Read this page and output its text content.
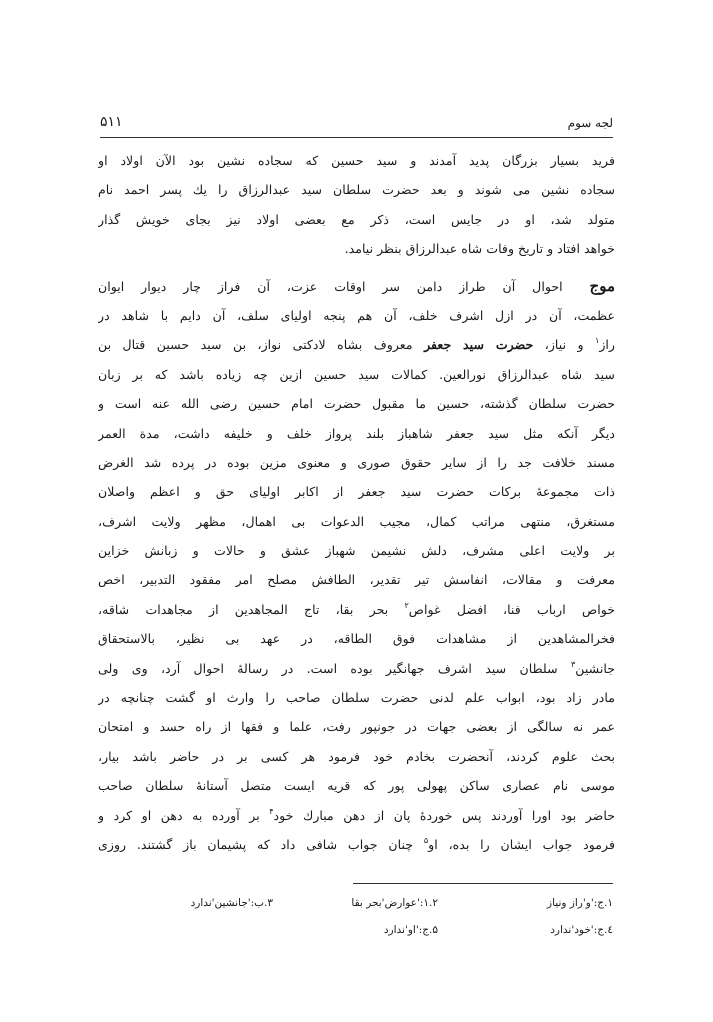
لجه سوم
۵۱۱
فرید بسیار بزرگان پدید آمدند و سید حسین که سجاده نشین بود الآن اولاد او
سجاده نشین می شوند و بعد حضرت سلطان سید عبدالرزاق را یك پسر احمد نام
متولد شد، او در جایس است، ذکر مع بعضی اولاد نیز بجای خویش گذار
خواهد افتاد و تاریخ وفات شاه عبدالرزاق بنظر نیامد.
موج احوال آن طراز دامن سر اوقات عزت، آن فراز چار دیوار ایوان
عظمت، آن در ازل اشرف خلف، آن هم پنجه اولیای سلف، آن دایم با شاهد در
راز$^۱$ و نیاز، حضرت سید جعفر معروف بشاه لادکتی نواز، بن سید حسین قتال بن
سید شاه عبدالرزاق نورالعین. کمالات سید حسین ازین چه زیاده باشد که بر زبان
حضرت سلطان گذشته، حسین ما مقبول حضرت امام حسین رضی الله عنه است و
دیگر آنکه مثل سید جعفر شاهباز بلند پرواز خلف و خلیفه داشت، مدة العمر
مسند خلافت جد را از سایر حقوق صوری و معنوی مزین بوده در پرده شد الغرض
ذات مجموعهٔ برکات حضرت سید جعفر از اکابر اولیای حق و اعظم واصلان
مستغرق، منتهی مراتب کمال، مجیب الدعوات بی اهمال، مظهر ولایت اشرف،
بر ولایت اعلی مشرف، دلش نشیمن شهباز عشق و حالات و زبانش خزاین
معرفت و مقالات، انفاسش تیر تقدیر، الطافش مصلح امر مفقود التدبیر، اخص
خواص ارباب فنا، افضل غواص$^۲$ بحر بقا، تاج المجاهدین از مجاهدات شاقه،
فخرالمشاهدین از مشاهدات فوق الطاقه، در عهد بی نظیر، بالاستحقاق
جانشین$^۳$ سلطان سید اشرف جهانگیر بوده است. در رسالهٔ احوال آرد، وی ولی
مادر زاد بود، ابواب علم لدنی حضرت سلطان صاحب را وارث او گشت چنانچه در
عمر نه سالگی از بعضی جهات در جونپور رفت، علما و فقها از راه حسد و امتحان
بحث علوم کردند، آنحضرت بخادم خود فرمود هر کسی بر در حاضر باشد بیار،
موسی نام عصاری ساکن پهولی پور که قریه ایست متصل آستانهٔ سلطان صاحب
حاضر بود اورا آوردند پس خوردهٔ پان از دهن مبارك خود$^۴$ بر آورده به دهن او کرد و
فرمود جواب ایشان را بده، او$^۵$ چنان جواب شافی داد که پشیمان باز گشتند. روزی
۱.ج:'و'راز ونیاز
۱.۲:'عوارض'بحر بقا
۳.ب:'جانشین'ندارد
٤.ج:'خود'ندارد
۵.ج:'او'ندارد
